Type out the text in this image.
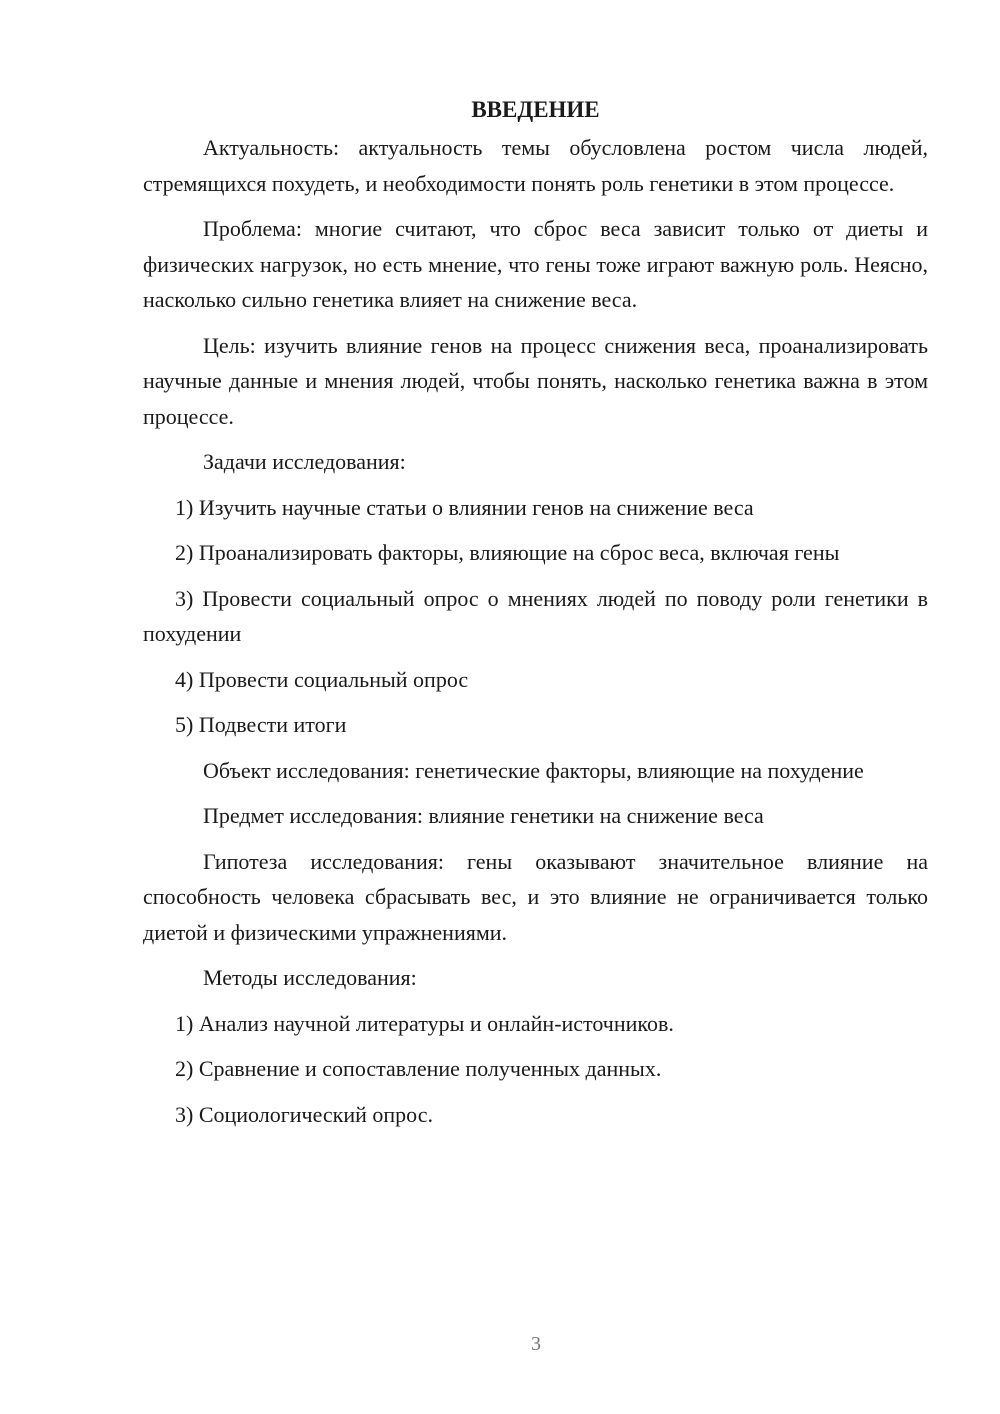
ВВЕДЕНИЕ

Актуальность: актуальность темы обусловлена ростом числа людей, стремящихся похудеть, и необходимости понять роль генетики в этом процессе.

Проблема: многие считают, что сброс веса зависит только от диеты и физических нагрузок, но есть мнение, что гены тоже играют важную роль. Неясно, насколько сильно генетика влияет на снижение веса.

Цель: изучить влияние генов на процесс снижения веса, проанализировать научные данные и мнения людей, чтобы понять, насколько генетика важна в этом процессе.

Задачи исследования:

1) Изучить научные статьи о влиянии генов на снижение веса

2) Проанализировать факторы, влияющие на сброс веса, включая гены

3) Провести социальный опрос о мнениях людей по поводу роли генетики в похудении

4) Провести социальный опрос

5) Подвести итоги

Объект исследования: генетические факторы, влияющие на похудение

Предмет исследования: влияние генетики на снижение веса

Гипотеза исследования: гены оказывают значительное влияние на способность человека сбрасывать вес, и это влияние не ограничивается только диетой и физическими упражнениями.

Методы исследования:

1) Анализ научной литературы и онлайн-источников.

2) Сравнение и сопоставление полученных данных.

3) Социологический опрос.

3
